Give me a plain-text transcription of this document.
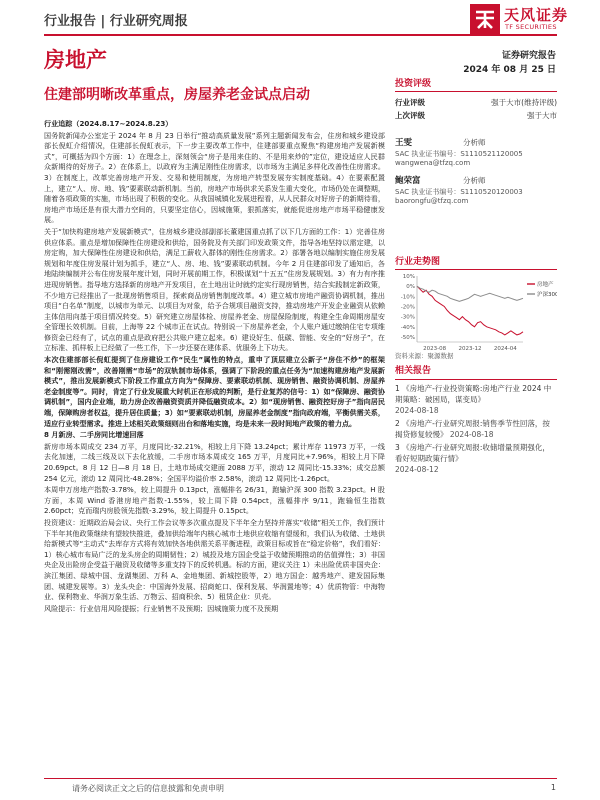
行业报告 | 行业研究周报	天风证券
TF SECURITIES
房地产	证券研究报告
2024 年 08 月 25 日
住建部明晰改革重点，房屋养老金试点启动

行业追踪（2024.8.17~2024.8.23）

国务院新闻办公室定于 2024 年 8 月 23 日举行“推动高质量发展”系列主题新闻发布会，住房和城乡建设部部长倪虹介绍情况，住建部长倪虹表示，下一步主要改革工作中，住建部要重点聚焦“构建房地产发展新模式”，可概括为四个方面：1）在理念上，深刻领会“房子是用来住的、不是用来炒的”定位，建设适应人民群众新期待的好房子。2）在体系上，以政府为主满足刚性住房需求，以市场为主满足多样化改善性住房需求。3）在制度上，改革完善房地产开发、交易和使用制度，为房地产转型发展夯实制度基础。4）在要素配置上，建立“人、房、地、钱”要素联动新机制。当前，房地产市场供求关系发生重大变化，市场仍处在调整期，随着各项政策的实施，市场出现了积极的变化。从我国城镇化发展进程看，从人民群众对好房子的新期待看，房地产市场还是有很大潜力空间的，只要坚定信心，因城施策，狠抓落实，就能促进房地产市场平稳健康发展。

关于“加快构建房地产发展新模式”，住房城乡建设部副部长董建国重点抓了以下几方面的工作：1）完善住房供应体系。重点是增加保障性住房建设和供给，国务院及有关部门印发政策文件，指导各地坚持以需定建，以房定购，加大保障性住房建设和供给，满足工薪收入群体的刚性住房需求。2）部署各地以编制实施住房发展规划和年度住房发展计划为抓手，建立“人、房、地、钱”要素联动机制。今年 2 月住建部印发了通知后，各地陆续编制并公布住房发展年度计划，同时开展前期工作，积极谋划“十五五”住房发展规划。3）有力有序推进现房销售。指导地方选择新的房地产开发项目，在土地出让时就约定实行现房销售，结合实践制定新政策，不少地方已经推出了一批现房销售项目，探索商品房销售制度改革。4）建立城市房地产融资协调机制，推出项目“白名单”制度，以城市为单元、以项目为对象，给予合规项目融资支持，推动房地产开发企业融资从依赖主体信用向基于项目情况转变。5）研究建立房屋体检、房屋养老金、房屋保险制度，构建全生命周期房屋安全管理长效机制。目前，上海等 22 个城市正在试点。特别说一下房屋养老金，个人账户通过缴纳住宅专项维修资金已经有了，试点的重点是政府把公共账户建立起来。6）建设好生、低碳、智能、安全的“好房子”，在立标准、抓样板上已经做了一些工作，下一步还要在建体系、优服务上下功夫。

本次住建部部长倪虹提到了住房建设工作“民生”属性的特点，重申了顶层建立公新子“房住不炒”的框架和“刚需刚改需”，改善刚需“市场”的双轨制市场体系，强调了下阶段的重点任务为“加速构建房地产发展新模式”，推出发展新模式下阶段工作重点方向为“保障房、要素联动机制、现房销售、融资协调机制、房屋养老金制度等”。同时，肯定了行业发展重大时机正在形成的判断，是行业复苏的信号：1）如“保障房、融资协调机制”，国内企业端，助力房企改善融资资质并降低融资成本。2）如“现房销售、融资控好房子”指向居民端，保障购房者权益，提升居住质量；3）如“要素联动机制，房屋养老金制度”指向政府端，平衡供需关系，适应行业转型需求。推进上述相关政策细则出台和落地实施，均是未来一段时间地产政策的着力点。

8 月新房、二手房同比增速回落

新房市场本周成交 234 万平，月度同比-32.21%，相较上月下降 13.24pct；累计库存 11973 万平，一线去化加速，二线三线及以下去化放缓，二手房市场本周成交 165 万平，月度同比+7.96%，相较上月下降 20.69pct。8 月 12 日—8 月 18 日，土地市场成交建面 2088 万平，滚动 12 周同比-15.33%；成交总额 254 亿元，滚动 12 周同比-48.28%；全国平均溢价率 2.58%，滚动 12 周同比-1.26pct。

本周申万房地产指数-3.78%，较上周提升 0.13pct，涨幅排名 26/31，跑输沪深 300 指数 3.23pct。H 股方面，本周 Wind 香港房地产指数-1.55%，较上周下降 0.54pct，涨幅排序 9/11，跑输恒生指数 2.60pct；克而瑞内房股领先指数-3.29%，较上周提升 0.15pct。

投资建议：近期政治局会议、央行工作会议等多次重点提及下半年全力坚持并落实“收储”相关工作，我们预计下半年其他政策继续有望较快推进，叠加供给端年内核心城市土地供应收缩有望缓和，我们认为收储、土地供给新模式等“主动式”去库存方式将有效加快各地供需关系平衡进程，政策目标或旨在“稳定价格”，我们看好：1）核心城市布局广泛的龙头房企的周期韧性；2）城投及地方国企受益于收储预期推动的估值弹性；3）非国央企及出险房企受益于融资及收储等多重支持下的反转机遇。标的方面，建议关注 1）未出险优质非国央企：滨江集团、绿城中国、龙湖集团、万科 A、金地集团、新城控股等，2）地方国企：越秀地产、建发国际集团、城建发展等。3）龙头央企：中国海外发展、招商蛇口、保利发展、华润置地等；4）优质物管：中海物业、保利物业、华润万象生活、万物云、招商积余、5）租赁企业：贝壳。

风险提示：行业信用风险提振；行业销售不及预期；因城施策力度不及预期

投资评级
行业评级	强于大市(维持评级)
上次评级	强于大市
王雯	分析师
SAC 执业证书编号：S1110521120005
wangwena@tfzq.com
鲍荣富	分析师
SAC 执业证书编号：S1110520120003
baorongfu@tfzq.com
行业走势图
10%
0%
-10%
-20%
-30%
-40%
-50%
2023-08 2023-12 2024-04
房地产
沪深300
资料来源：聚源数据
相关报告
1 《房地产-行业投资策略:房地产行业 2024 中期策略：破困局，谋变局》
2024-08-18
2 《房地产-行业研究周报:销售季节性回落，按揭贷修复较慢》 2024-08-18
3 《房地产-行业研究周报:收储增量预期强化，看好短期政策行情》
2024-08-12
请务必阅读正文之后的信息披露和免责申明	1
